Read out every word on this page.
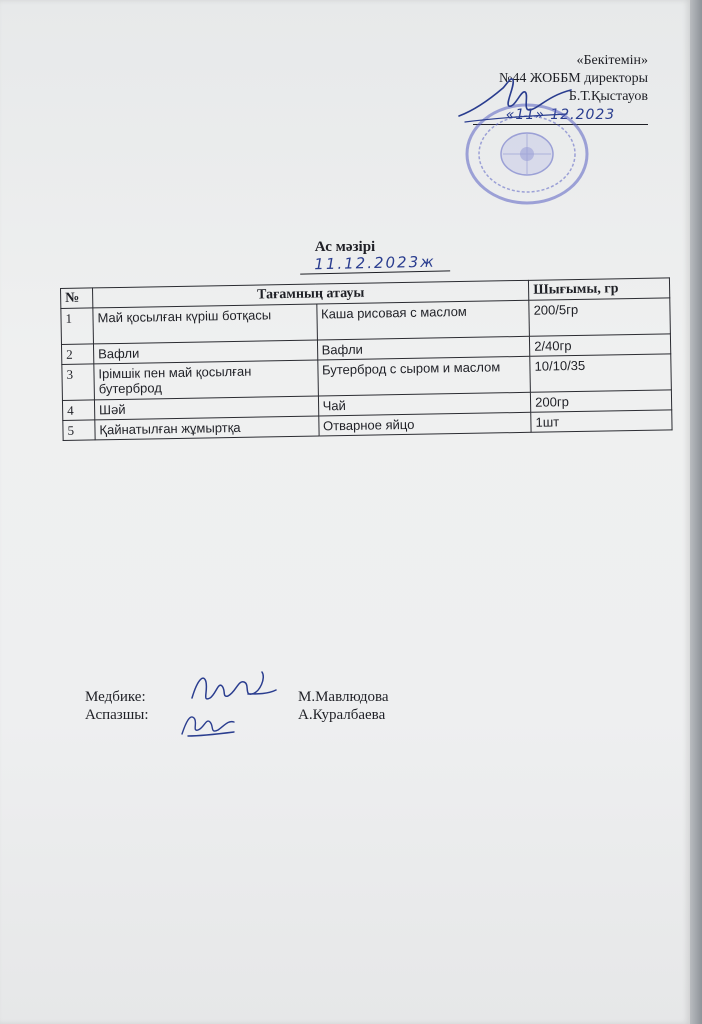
«Бекітемін»
№44 ЖОББМ директоры
Б.Т.Қыстауов
«11» 12.2023
Ас мәзірі
11.12.2023ж
№	Тағамның атауы		Шығымы, гр
1	Май қосылған күріш ботқасы	Каша рисовая с маслом	200/5гр
2	Вафли	Вафли	2/40гр
3	Ірімшік пен май қосылған бутерброд	Бутерброд с сыром и маслом	10/10/35
4	Шәй	Чай	200гр
5	Қайнатылған жұмыртқа	Отварное яйцо	1шт
Медбике:	М.Мавлюдова
Аспазшы:	А.Куралбаева
